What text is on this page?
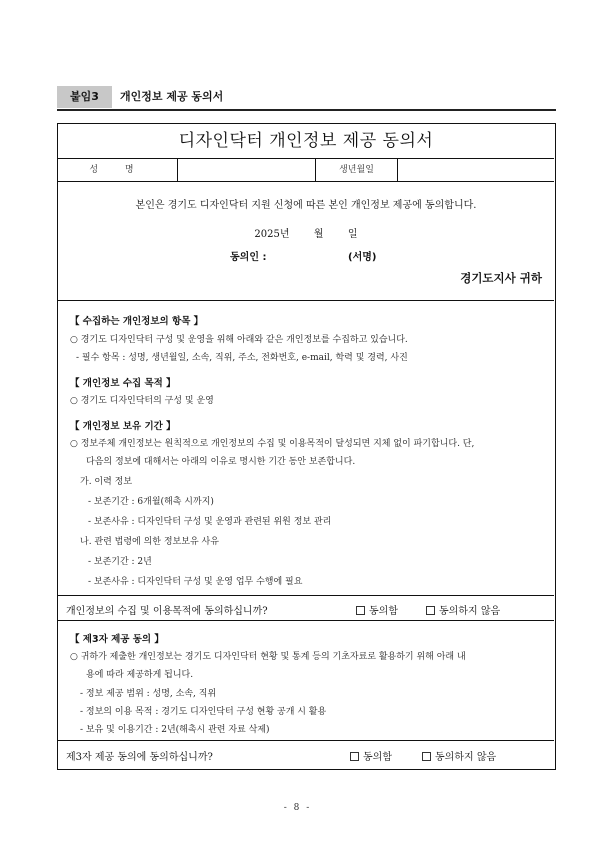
붙임3	개인정보 제공 동의서
디자인닥터 개인정보 제공 동의서
성 명	생년월일
본인은 경기도 디자인닥터 지원 신청에 따른 본인 개인정보 제공에 동의합니다.
2025년 월 일
동의인 :	(서명)
경기도지사 귀하
【 수집하는 개인정보의 항목 】
○ 경기도 디자인닥터 구성 및 운영을 위해 아래와 같은 개인정보를 수집하고 있습니다.
- 필수 항목 : 성명, 생년월일, 소속, 직위, 주소, 전화번호, e-mail, 학력 및 경력, 사진
【 개인정보 수집 목적 】
○ 경기도 디자인닥터의 구성 및 운영
【 개인정보 보유 기간 】
○ 정보주체 개인정보는 원칙적으로 개인정보의 수집 및 이용목적이 달성되면 지체 없이 파기합니다. 단,
다음의 정보에 대해서는 아래의 이유로 명시한 기간 동안 보존합니다.
가. 이력 정보
- 보존기간 : 6개월(해촉 시까지)
- 보존사유 : 디자인닥터 구성 및 운영과 관련된 위원 정보 관리
나. 관련 법령에 의한 정보보유 사유
- 보존기간 : 2년
- 보존사유 : 디자인닥터 구성 및 운영 업무 수행에 필요
개인정보의 수집 및 이용목적에 동의하십니까?	동의함	동의하지 않음
【 제3자 제공 동의 】
○ 귀하가 제출한 개인정보는 경기도 디자인닥터 현황 및 통계 등의 기초자료로 활용하기 위해 아래 내
용에 따라 제공하게 됩니다.
- 정보 제공 범위 : 성명, 소속, 직위
- 정보의 이용 목적 : 경기도 디자인닥터 구성 현황 공개 시 활용
- 보유 및 이용기간 : 2년(해촉시 관련 자료 삭제)
제3자 제공 동의에 동의하십니까?	동의함	동의하지 않음
- 8 -
